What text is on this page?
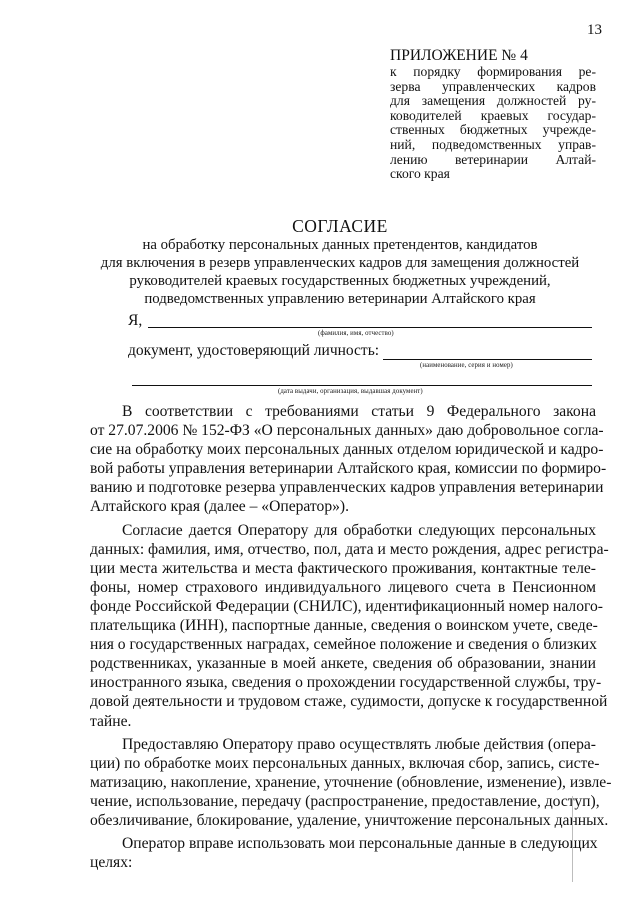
13
ПРИЛОЖЕНИЕ № 4
к порядку формирования ре-
зерва управленческих кадров
для замещения должностей ру-
ководителей краевых государ-
ственных бюджетных учрежде-
ний, подведомственных управ-
лению ветеринарии Алтай-
ского края
СОГЛАСИЕ
на обработку персональных данных претендентов, кандидатов
для включения в резерв управленческих кадров для замещения должностей
руководителей краевых государственных бюджетных учреждений,
подведомственных управлению ветеринарии Алтайского края
Я,
(фамилия, имя, отчество)
документ, удостоверяющий личность:
(наименование, серия и номер)
(дата выдачи, организация, выдавшая документ)
В соответствии с требованиями статьи 9 Федерального закона
от 27.07.2006 № 152-ФЗ «О персональных данных» даю добровольное согла-
сие на обработку моих персональных данных отделом юридической и кадро-
вой работы управления ветеринарии Алтайского края, комиссии по формиро-
ванию и подготовке резерва управленческих кадров управления ветеринарии
Алтайского края (далее – «Оператор»).
Согласие дается Оператору для обработки следующих персональных
данных: фамилия, имя, отчество, пол, дата и место рождения, адрес регистра-
ции места жительства и места фактического проживания, контактные теле-
фоны, номер страхового индивидуального лицевого счета в Пенсионном
фонде Российской Федерации (СНИЛС), идентификационный номер налого-
плательщика (ИНН), паспортные данные, сведения о воинском учете, сведе-
ния о государственных наградах, семейное положение и сведения о близких
родственниках, указанные в моей анкете, сведения об образовании, знании
иностранного языка, сведения о прохождении государственной службы, тру-
довой деятельности и трудовом стаже, судимости, допуске к государственной
тайне.
Предоставляю Оператору право осуществлять любые действия (опера-
ции) по обработке моих персональных данных, включая сбор, запись, систе-
матизацию, накопление, хранение, уточнение (обновление, изменение), извле-
чение, использование, передачу (распространение, предоставление, доступ),
обезличивание, блокирование, удаление, уничтожение персональных данных.
Оператор вправе использовать мои персональные данные в следующих
целях:
